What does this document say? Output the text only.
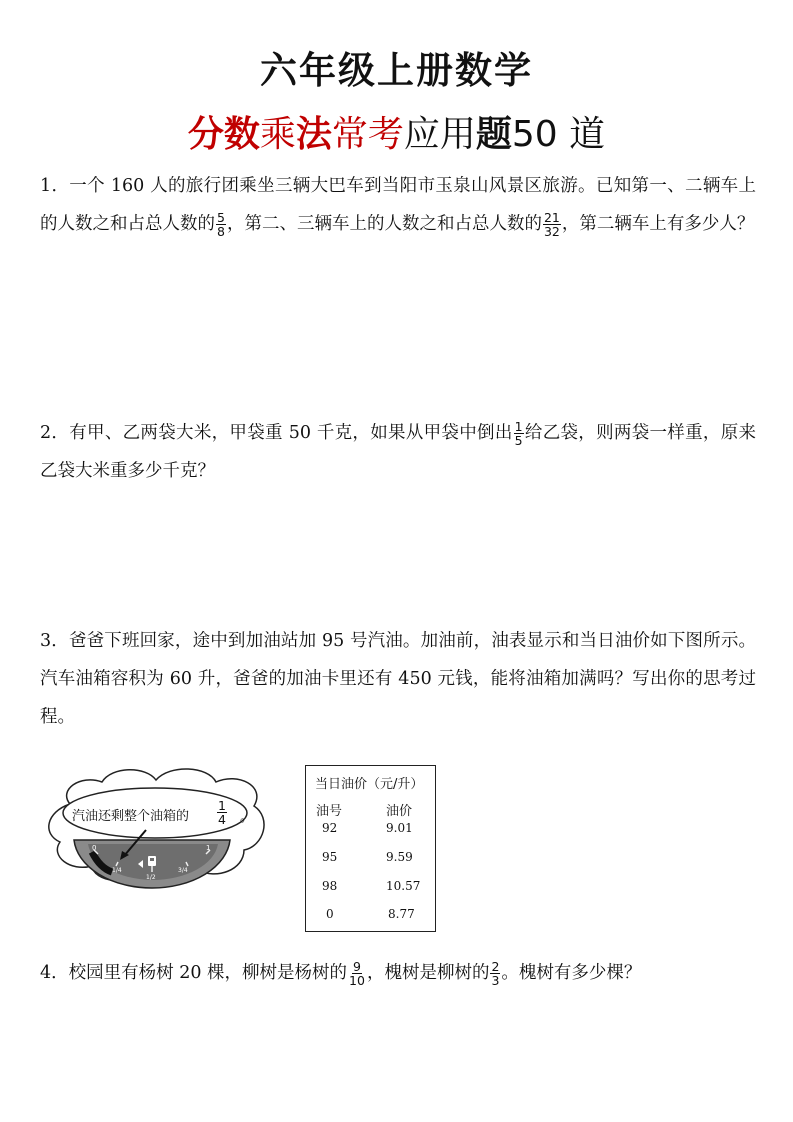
六年级上册数学
分数乘法常考应用题50 道
1．一个 160 人的旅行团乘坐三辆大巴车到当阳市玉泉山风景区旅游。已知第一、二辆车上的人数之和占总人数的 $\frac{5}{8}$ ，第二、三辆车上的人数之和占总人数的 $\frac{21}{32}$ ，第二辆车上有多少人？
2．有甲、乙两袋大米，甲袋重 50 千克，如果从甲袋中倒出 $\frac{1}{5}$ 给乙袋，则两袋一样重，原来乙袋大米重多少千克？
3．爸爸下班回家，途中到加油站加 95 号汽油。加油前，油表显示和当日油价如下图所示。汽车油箱容积为 60 升，爸爸的加油卡里还有 450 元钱，能将油箱加满吗？写出你的思考过程。
0
1/4
1/2
3/4
1
汽油还剩整个油箱的 $\frac{1}{4}$ 。
当日油价（元/升）
油号	油价
92	9.01
95	9.59
98	10.57
0	8.77
4．校园里有杨树 20 棵，柳树是杨树的 $\frac{9}{10}$ ，槐树是柳树的 $\frac{2}{3}$ 。槐树有多少棵？
